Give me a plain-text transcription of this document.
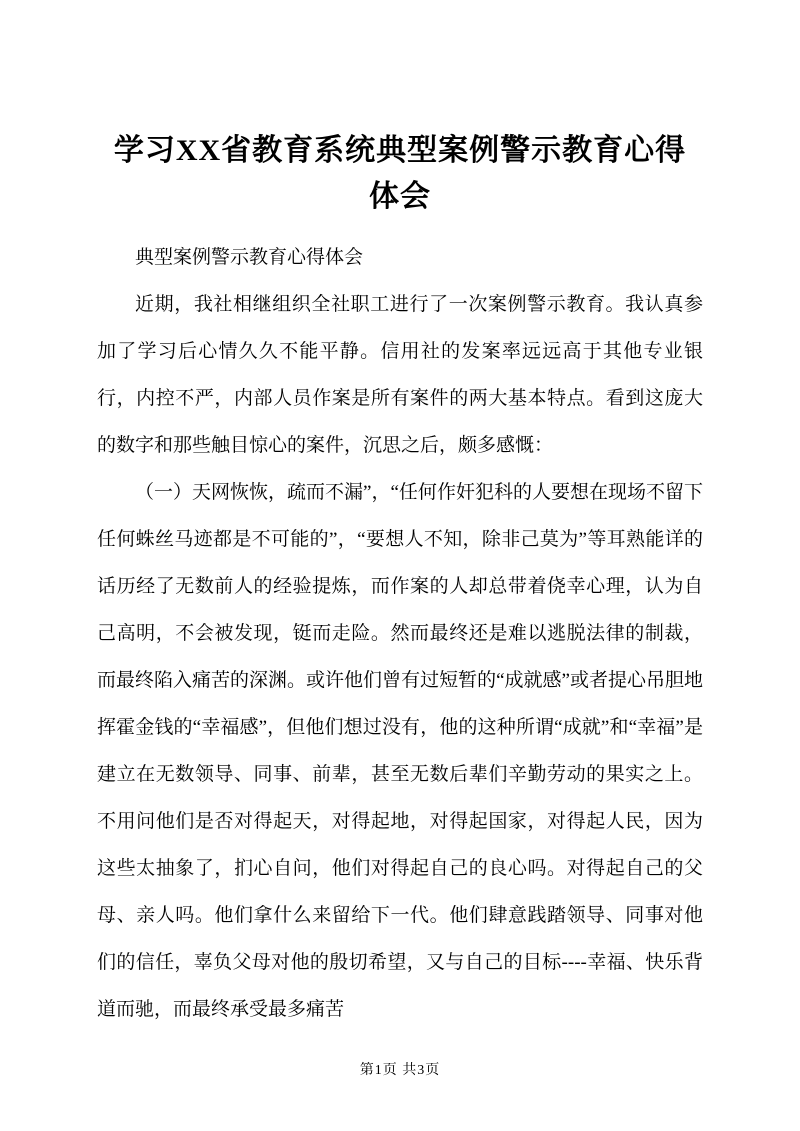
学习XX省教育系统典型案例警示教育心得体会

典型案例警示教育心得体会

近期，我社相继组织全社职工进行了一次案例警示教育。我认真参加了学习后心情久久不能平静。信用社的发案率远远高于其他专业银行，内控不严，内部人员作案是所有案件的两大基本特点。看到这庞大的数字和那些触目惊心的案件，沉思之后，颇多感慨：

（一）天网恢恢，疏而不漏”，“任何作奸犯科的人要想在现场不留下任何蛛丝马迹都是不可能的”，“要想人不知，除非己莫为”等耳熟能详的话历经了无数前人的经验提炼，而作案的人却总带着侥幸心理，认为自己高明，不会被发现，铤而走险。然而最终还是难以逃脱法律的制裁，而最终陷入痛苦的深渊。或许他们曾有过短暂的“成就感”或者提心吊胆地挥霍金钱的“幸福感”，但他们想过没有，他的这种所谓“成就”和“幸福”是建立在无数领导、同事、前辈，甚至无数后辈们辛勤劳动的果实之上。不用问他们是否对得起天，对得起地，对得起国家，对得起人民，因为这些太抽象了，扪心自问，他们对得起自己的良心吗。对得起自己的父母、亲人吗。他们拿什么来留给下一代。他们肆意践踏领导、同事对他们的信任，辜负父母对他的殷切希望，又与自己的目标----幸福、快乐背道而驰，而最终承受最多痛苦

第1页 共3页
